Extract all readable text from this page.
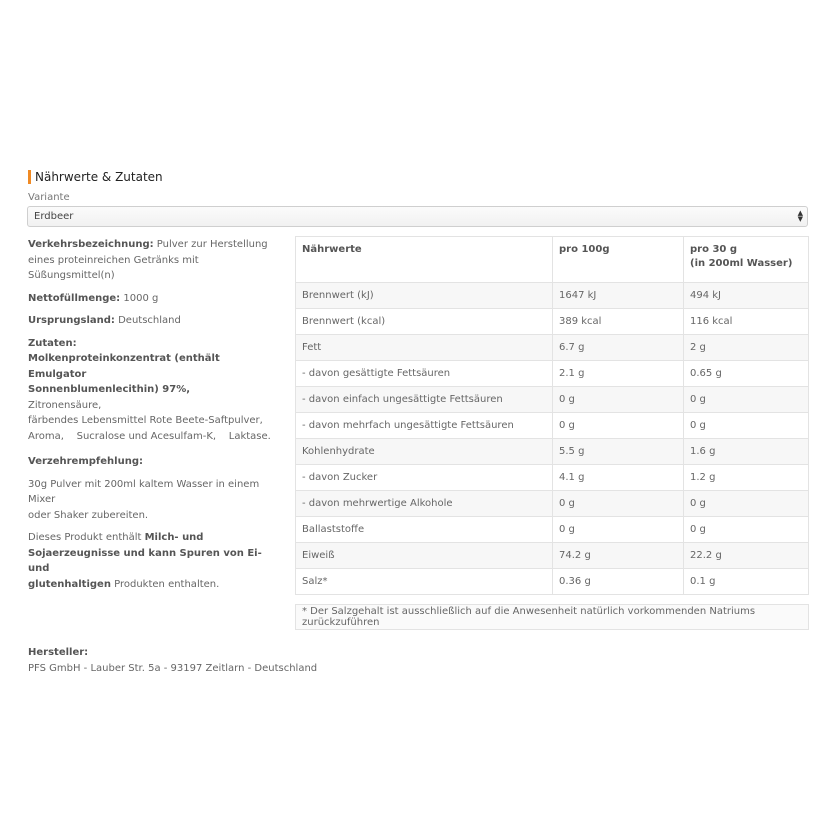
Nährwerte & Zutaten
Variante
Erdbeer	▲
▼

Verkehrsbezeichnung: Pulver zur Herstellung

eines proteinreichen Getränks mit Süßungsmittel(n)

Nettofüllmenge: 1000 g

Ursprungsland: Deutschland

Zutaten:

Molkenproteinkonzentrat (enthält Emulgator

Sonnenblumenlecithin) 97%,

Zitronensäure,

färbendes Lebensmittel Rote Beete-Saftpulver,

Aroma,    Sucralose und Acesulfam-K,    Laktase.

Verzehrempfehlung:

30g Pulver mit 200ml kaltem Wasser in einem Mixer

oder Shaker zubereiten.

Dieses Produkt enthält Milch- und

Sojaerzeugnisse und kann Spuren von Ei- und

glutenhaltigen Produkten enthalten.

Nährwerte	pro 100g	pro 30 g
(in 200ml Wasser)
Brennwert (kJ)	1647 kJ	494 kJ
Brennwert (kcal)	389 kcal	116 kcal
Fett	6.7 g	2 g
- davon gesättigte Fettsäuren	2.1 g	0.65 g
- davon einfach ungesättigte Fettsäuren	0 g	0 g
- davon mehrfach ungesättigte Fettsäuren	0 g	0 g
Kohlenhydrate	5.5 g	1.6 g
- davon Zucker	4.1 g	1.2 g
- davon mehrwertige Alkohole	0 g	0 g
Ballaststoffe	0 g	0 g
Eiweiß	74.2 g	22.2 g
Salz*	0.36 g	0.1 g
* Der Salzgehalt ist ausschließlich auf die Anwesenheit natürlich vorkommenden Natriums zurückzuführen
Hersteller:
PFS GmbH - Lauber Str. 5a - 93197 Zeitlarn - Deutschland
